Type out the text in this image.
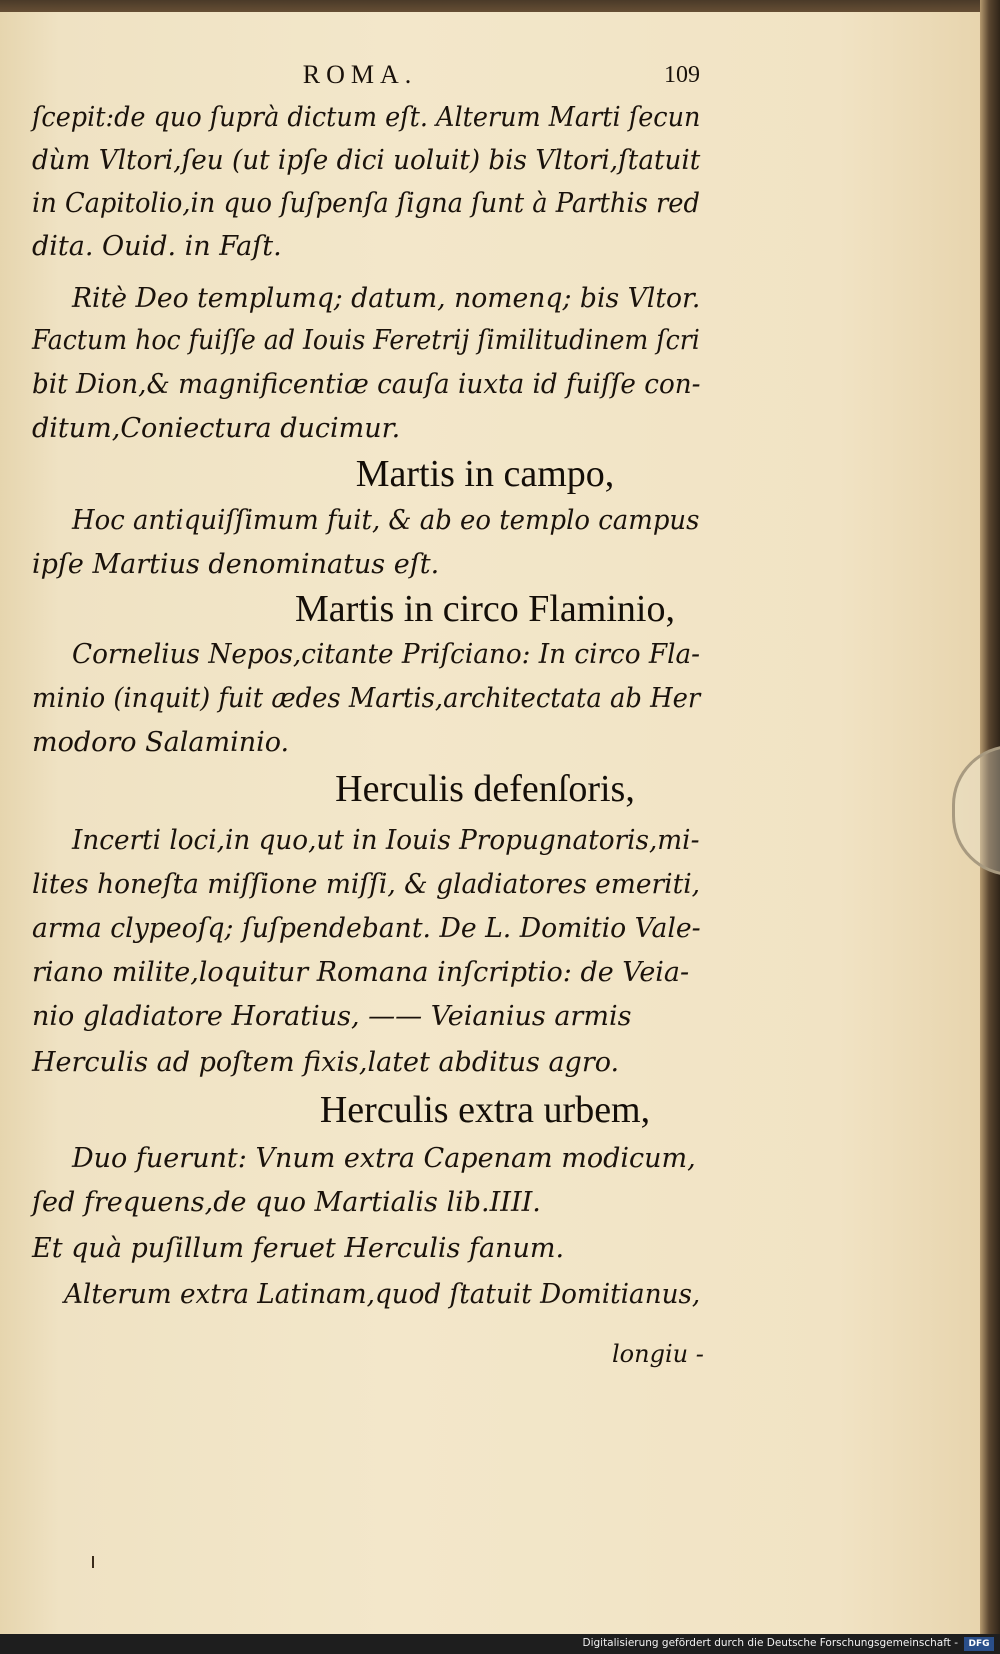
ROMA.	109
ſcepit:de quo ſuprà dictum eſt. Alterum Marti ſecun
dùm Vltori,ſeu (ut ipſe dici uoluit) bis Vltori,ſtatuit
in Capitolio,in quo ſuſpenſa ſigna ſunt à Parthis red
dita. Ouid. in Faſt.
Ritè Deo templumq; datum, nomenq; bis Vltor.
Factum hoc fuiſſe ad Iouis Feretrij ſimilitudinem ſcri
bit Dion,& magnificentiæ cauſa iuxta id fuiſſe con-
ditum,Coniectura ducimur.
Martis in campo,
Hoc antiquiſſimum fuit, & ab eo templo campus
ipſe Martius denominatus eſt.
Martis in circo Flaminio,
Cornelius Nepos,citante Priſciano: In circo Fla-
minio (inquit) fuit ædes Martis,architectata ab Her
modoro Salaminio.
Herculis defenſoris,
Incerti loci,in quo,ut in Iouis Propugnatoris,mi-
lites honeſta miſſione miſſi, & gladiatores emeriti,
arma clypeoſq; ſuſpendebant. De L. Domitio Vale-
riano milite,loquitur Romana inſcriptio: de Veia-
nio gladiatore Horatius, —— Veianius armis
Herculis ad poſtem fixis,latet abditus agro.
Herculis extra urbem,
Duo fuerunt: Vnum extra Capenam modicum,
ſed frequens,de quo Martialis lib.IIII.
Et quà puſillum feruet Herculis fanum.
Alterum extra Latinam,quod ſtatuit Domitianus,
longiu -
Digitalisierung gefördert durch die Deutsche Forschungsgemeinschaft -	DFG
